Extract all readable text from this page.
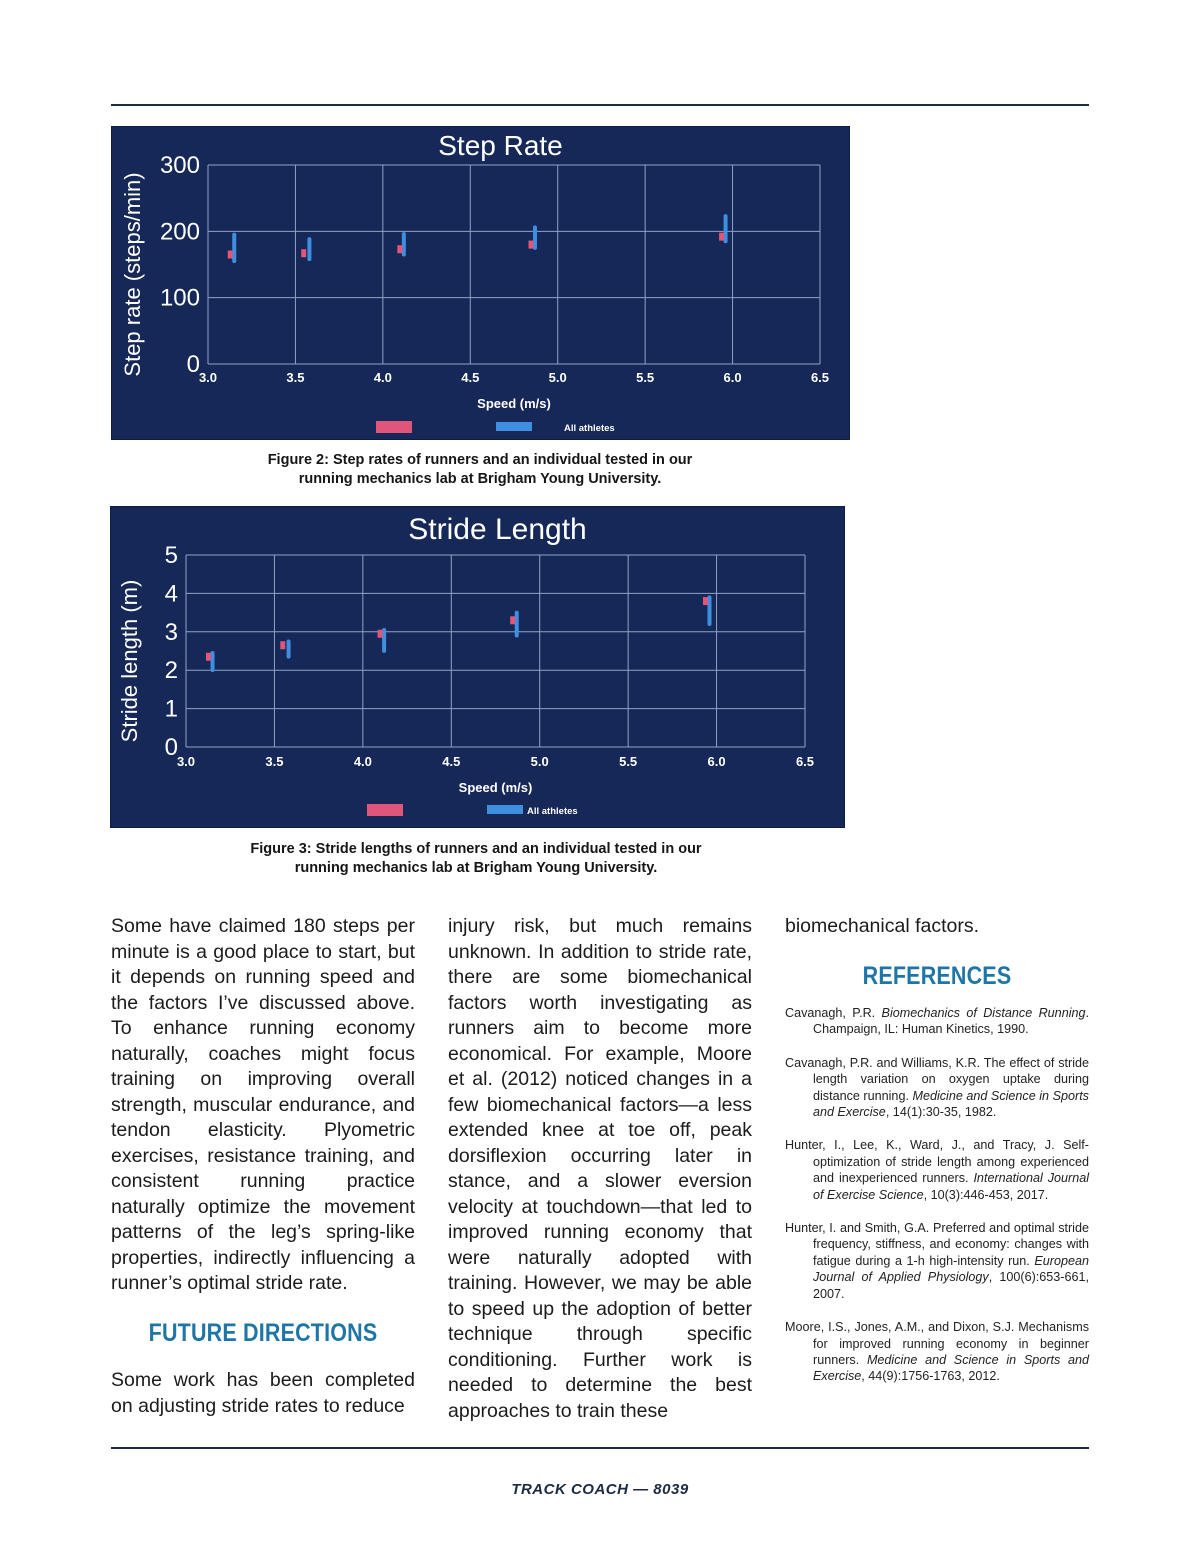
Step Rate
3.0	3.5	4.0	4.5	5.0	5.5	6.0	6.5
0
100
200
300
Speed (m/s)
Step rate (steps/min)
All athletes
Figure 2: Step rates of runners and an individual tested in our
running mechanics lab at Brigham Young University.
Stride Length
3.0	3.5	4.0	4.5	5.0	5.5	6.0	6.5
0
1
2
3
4
5
Speed (m/s)
Stride length (m)
All athletes
Figure 3: Stride lengths of runners and an individual tested in our
running mechanics lab at Brigham Young University.

Some have claimed 180 steps per minute is a good place to start, but it depends on running speed and the factors I’ve discussed above. To enhance running economy naturally, coaches might focus training on improving overall strength, muscular endurance, and tendon elasticity. Plyometric exercises, resistance training, and consistent running practice naturally optimize the movement patterns of the leg’s spring-like properties, indirectly influencing a runner’s optimal stride rate.

FUTURE DIRECTIONS

Some work has been completed on adjusting stride rates to reduce

injury risk, but much remains unknown. In addition to stride rate, there are some biomechanical factors worth investigating as runners aim to become more economical. For example, Moore et al. (2012) noticed changes in a few biomechanical factors—a less extended knee at toe off, peak dorsiflexion occurring later in stance, and a slower eversion velocity at touchdown—that led to improved running economy that were naturally adopted with training. However, we may be able to speed up the adoption of better technique through specific conditioning. Further work is needed to determine the best approaches to train these

biomechanical factors.

REFERENCES
Cavanagh, P.R. Biomechanics of Distance Running. Champaign, IL: Human Kinetics, 1990.
Cavanagh, P.R. and Williams, K.R. The effect of stride length variation on oxygen uptake during distance running. Medicine and Science in Sports and Exercise, 14(1):30-35, 1982.
Hunter, I., Lee, K., Ward, J., and Tracy, J. Self-optimization of stride length among experienced and inexperienced runners. International Journal of Exercise Science, 10(3):446-453, 2017.
Hunter, I. and Smith, G.A. Preferred and optimal stride frequency, stiffness, and economy: changes with fatigue during a 1-h high-intensity run. European Journal of Applied Physiology, 100(6):653-661, 2007.
Moore, I.S., Jones, A.M., and Dixon, S.J. Mechanisms for improved running economy in beginner runners. Medicine and Science in Sports and Exercise, 44(9):1756-1763, 2012.
TRACK COACH — 8039
